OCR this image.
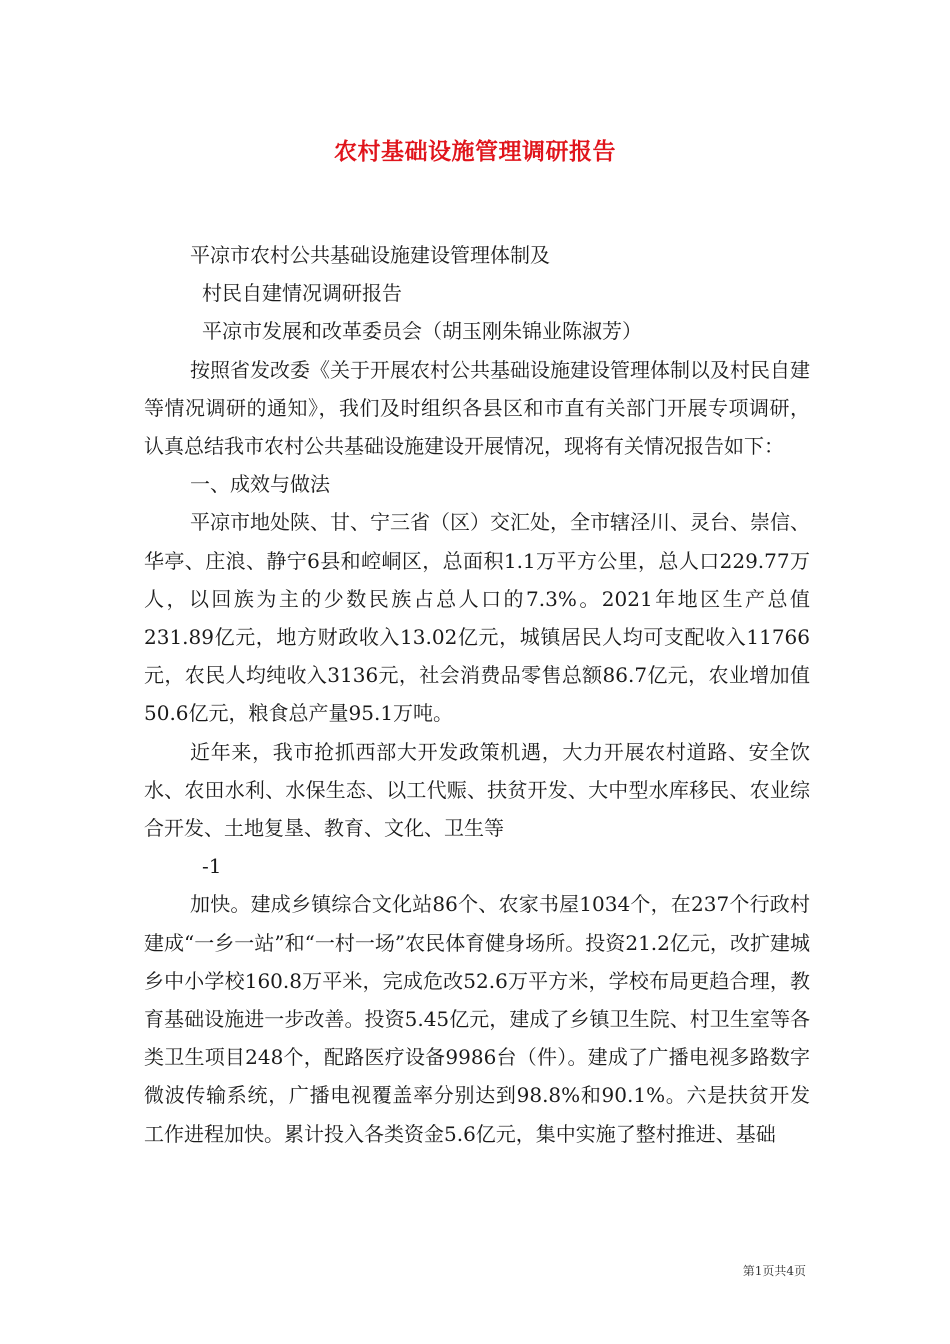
农村基础设施管理调研报告

平凉市农村公共基础设施建设管理体制及

村民自建情况调研报告

平凉市发展和改革委员会（胡玉刚朱锦业陈淑芳）

按照省发改委《关于开展农村公共基础设施建设管理体制以及村民自建等情况调研的通知》，我们及时组织各县区和市直有关部门开展专项调研，认真总结我市农村公共基础设施建设开展情况，现将有关情况报告如下：

一、成效与做法

平凉市地处陕、甘、宁三省（区）交汇处，全市辖泾川、灵台、崇信、华亭、庄浪、静宁6县和崆峒区，总面积1.1万平方公里，总人口229.77万人，以回族为主的少数民族占总人口的7.3%。2021年地区生产总值231.89亿元，地方财政收入13.02亿元，城镇居民人均可支配收入11766元，农民人均纯收入3136元，社会消费品零售总额86.7亿元，农业增加值50.6亿元，粮食总产量95.1万吨。

近年来，我市抢抓西部大开发政策机遇，大力开展农村道路、安全饮水、农田水利、水保生态、以工代赈、扶贫开发、大中型水库移民、农业综合开发、土地复垦、教育、文化、卫生等

-1

加快。建成乡镇综合文化站86个、农家书屋1034个，在237个行政村建成“一乡一站”和“一村一场”农民体育健身场所。投资21.2亿元，改扩建城乡中小学校160.8万平米，完成危改52.6万平方米，学校布局更趋合理，教育基础设施进一步改善。投资5.45亿元，建成了乡镇卫生院、村卫生室等各类卫生项目248个，配路医疗设备9986台（件）。建成了广播电视多路数字微波传输系统，广播电视覆盖率分别达到98.8%和90.1%。六是扶贫开发工作进程加快。累计投入各类资金5.6亿元，集中实施了整村推进、基础

第1页共4页
